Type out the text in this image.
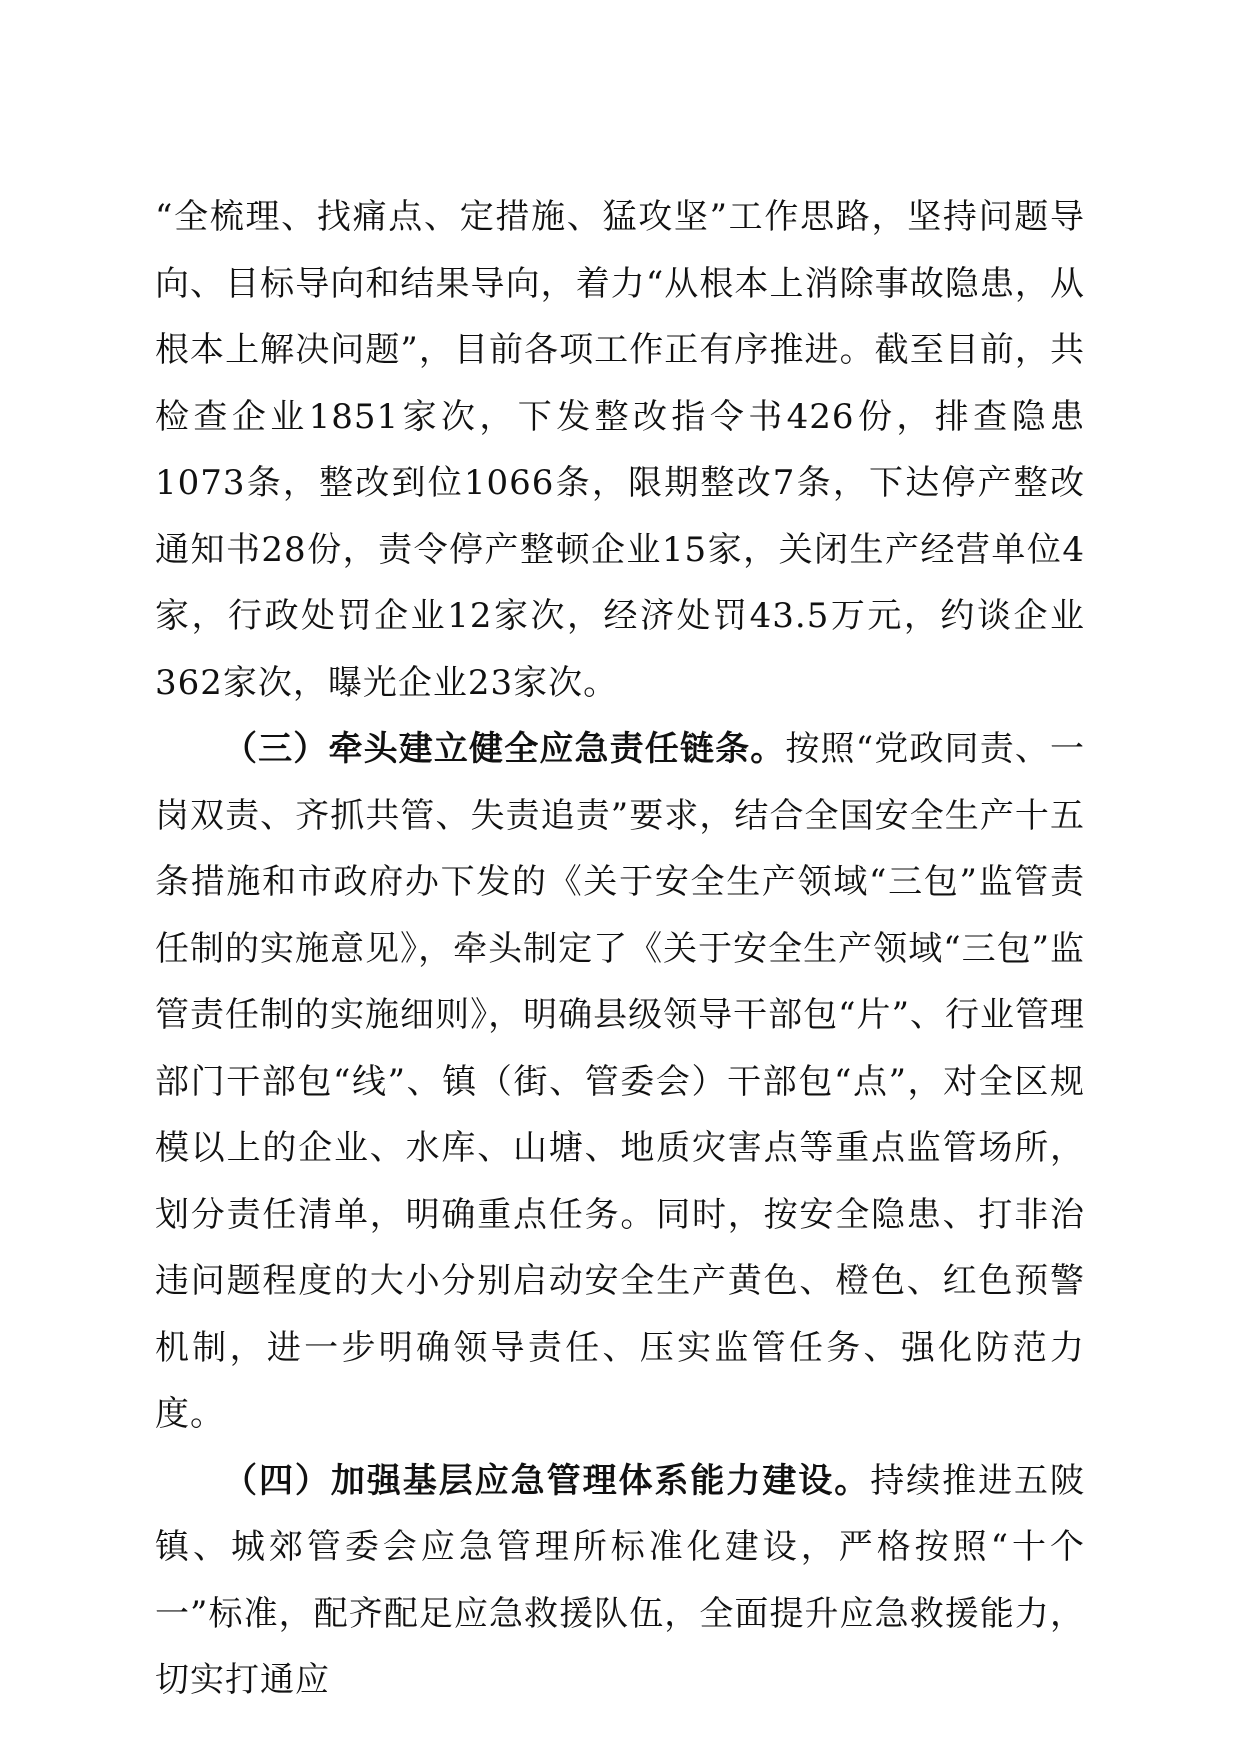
“全梳理、找痛点、定措施、猛攻坚”工作思路，坚持问题导向、目标导向和结果导向，着力“从根本上消除事故隐患，从根本上解决问题”，目前各项工作正有序推进。截至目前，共检查企业1851家次，下发整改指令书426份，排查隐患1073条，整改到位1066条，限期整改7条，下达停产整改通知书28份，责令停产整顿企业15家，关闭生产经营单位4家，行政处罚企业12家次，经济处罚43.5万元，约谈企业362家次，曝光企业23家次。

（三）牵头建立健全应急责任链条。按照“党政同责、一岗双责、齐抓共管、失责追责”要求，结合全国安全生产十五条措施和市政府办下发的《关于安全生产领域“三包”监管责任制的实施意见》，牵头制定了《关于安全生产领域“三包”监管责任制的实施细则》，明确县级领导干部包“片”、行业管理部门干部包“线”、镇（街、管委会）干部包“点”，对全区规模以上的企业、水库、山塘、地质灾害点等重点监管场所，划分责任清单，明确重点任务。同时，按安全隐患、打非治违问题程度的大小分别启动安全生产黄色、橙色、红色预警机制，进一步明确领导责任、压实监管任务、强化防范力度。

（四）加强基层应急管理体系能力建设。持续推进五陂镇、城郊管委会应急管理所标准化建设，严格按照“十个一”标准，配齐配足应急救援队伍，全面提升应急救援能力，切实打通应
